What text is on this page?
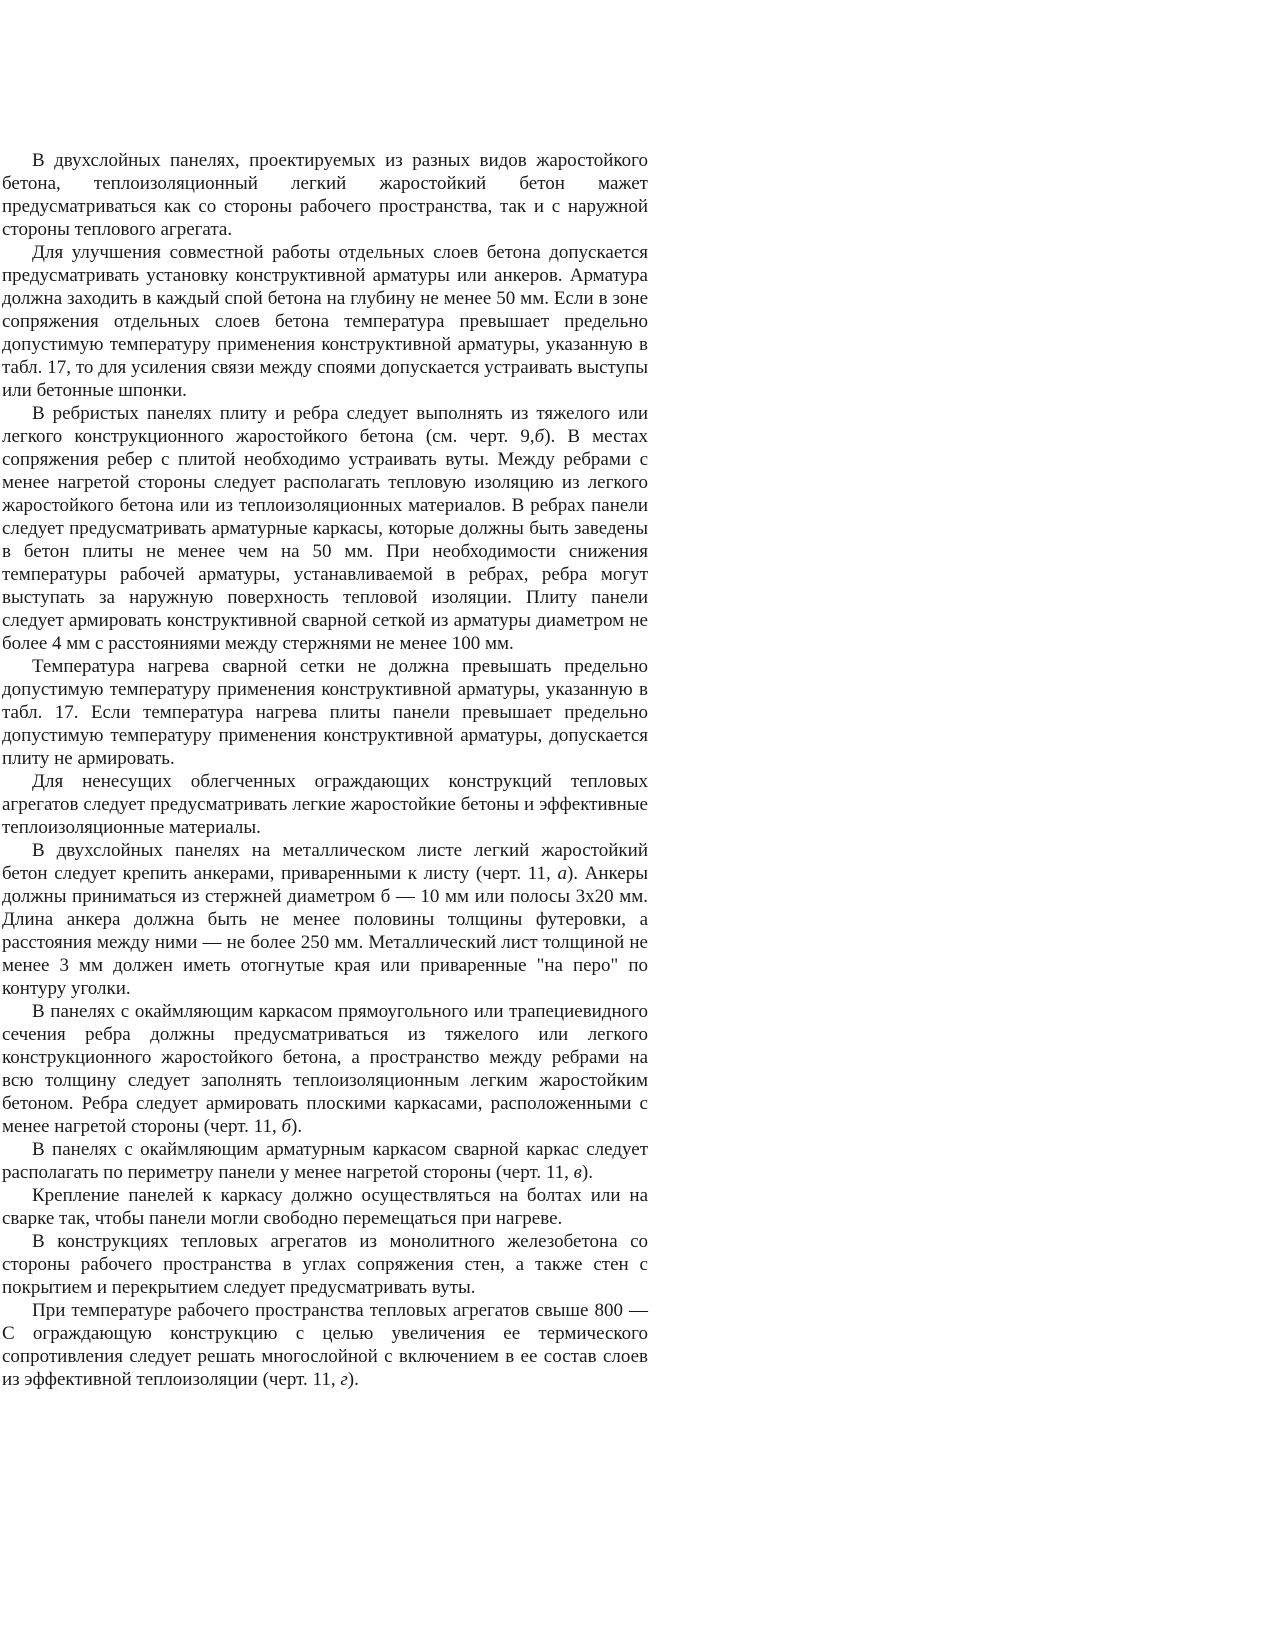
В двухслойных панелях, проектируемых из разных видов жаростойкого бетона, теплоизоляционный легкий жаростойкий бетон мажет предусматриваться как со стороны рабочего пространства, так и с наружной стороны теплового агрегата.

Для улучшения совместной работы отдельных слоев бетона допускается предусматривать установку конструктивной арматуры или анкеров. Арматура должна заходить в каждый спой бетона на глубину не менее 50 мм. Если в зоне сопряжения отдельных слоев бетона температура превышает предельно допустимую температуру применения конструктивной арматуры, указанную в табл. 17, то для усиления связи между споями допускается устраивать выступы или бетонные шпонки.

В ребристых панелях плиту и ребра следует выполнять из тяжелого или легкого конструкционного жаростойкого бетона (см. черт. 9,б). В местах сопряжения ребер с плитой необходимо устраивать вуты. Между ребрами с менее нагретой стороны следует располагать тепловую изоляцию из легкого жаростойкого бетона или из теплоизоляционных материалов. В ребрах панели следует предусматривать арматурные каркасы, которые должны быть заведены в бетон плиты не менее чем на 50 мм. При необходимости снижения температуры рабочей арматуры, устанавливаемой в ребрах, ребра могут выступать за наружную поверхность тепловой изоляции. Плиту панели следует армировать конструктивной сварной сеткой из арматуры диаметром не более 4 мм с расстояниями между стержнями не менее 100 мм.

Температура нагрева сварной сетки не должна превышать предельно допустимую температуру применения конструктивной арматуры, указанную в табл. 17. Если температура нагрева плиты панели превышает предельно допустимую температуру применения конструктивной арматуры, допускается плиту не армировать.

Для ненесущих облегченных ограждающих конструкций тепловых агрегатов следует предусматривать легкие жаростойкие бетоны и эффективные теплоизоляционные материалы.

В двухслойных панелях на металлическом листе легкий жаростойкий бетон следует крепить анкерами, приваренными к листу (черт. 11, а). Анкеры должны приниматься из стержней диаметром б — 10 мм или полосы 3х20 мм. Длина анкера должна быть не менее половины толщины футеровки, а расстояния между ними — не более 250 мм. Металлический лист толщиной не менее 3 мм должен иметь отогнутые края или приваренные "на перо" по контуру уголки.

В панелях с окаймляющим каркасом прямоугольного или трапециевидного сечения ребра должны предусматриваться из тяжелого или легкого конструкционного жаростойкого бетона, а пространство между ребрами на всю толщину следует заполнять теплоизоляционным легким жаростойким бетоном. Ребра следует армировать плоскими каркасами, расположенными с менее нагретой стороны (черт. 11, б).

В панелях с окаймляющим арматурным каркасом сварной каркас следует располагать по периметру панели у менее нагретой стороны (черт. 11, в).

Крепление панелей к каркасу должно осуществляться на болтах или на сварке так, чтобы панели могли свободно перемещаться при нагреве.

В конструкциях тепловых агрегатов из монолитного железобетона со стороны рабочего пространства в углах сопряжения стен, а также стен с покрытием и перекрытием следует предусматривать вуты.

При температуре рабочего пространства тепловых агрегатов свыше 800 —С ограждающую конструкцию с целью увеличения ее термического сопротивления следует решать многослойной с включением в ее состав слоев из эффективной теплоизоляции (черт. 11, г).
